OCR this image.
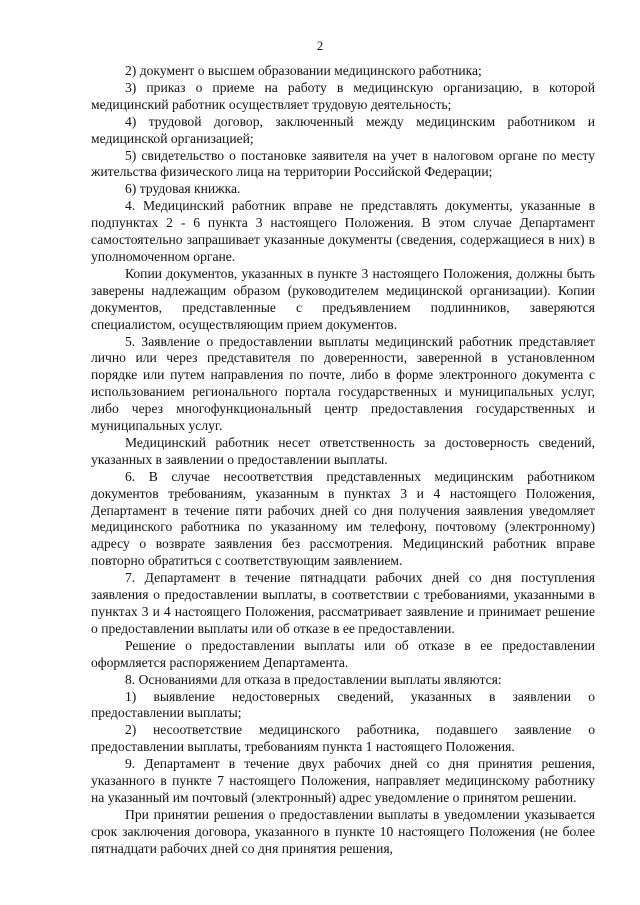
2

2) документ о высшем образовании медицинского работника;

3) приказ о приеме на работу в медицинскую организацию, в которой медицинский работник осуществляет трудовую деятельность;

4) трудовой договор, заключенный между медицинским работником и медицинской организацией;

5) свидетельство о постановке заявителя на учет в налоговом органе по месту жительства физического лица на территории Российской Федерации;

6) трудовая книжка.

4. Медицинский работник вправе не представлять документы, указанные в подпунктах 2 - 6 пункта 3 настоящего Положения. В этом случае Департамент самостоятельно запрашивает указанные документы (сведения, содержащиеся в них) в уполномоченном органе.

Копии документов, указанных в пункте 3 настоящего Положения, должны быть заверены надлежащим образом (руководителем медицинской организации). Копии документов, представленные с предъявлением подлинников, заверяются специалистом, осуществляющим прием документов.

5. Заявление о предоставлении выплаты медицинский работник представляет лично или через представителя по доверенности, заверенной в установленном порядке или путем направления по почте, либо в форме электронного документа с использованием регионального портала государственных и муниципальных услуг, либо через многофункциональный центр предоставления государственных и муниципальных услуг.

Медицинский работник несет ответственность за достоверность сведений, указанных в заявлении о предоставлении выплаты.

6. В случае несоответствия представленных медицинским работником документов требованиям, указанным в пунктах 3 и 4 настоящего Положения, Департамент в течение пяти рабочих дней со дня получения заявления уведомляет медицинского работника по указанному им телефону, почтовому (электронному) адресу о возврате заявления без рассмотрения. Медицинский работник вправе повторно обратиться с соответствующим заявлением.

7. Департамент в течение пятнадцати рабочих дней со дня поступления заявления о предоставлении выплаты, в соответствии с требованиями, указанными в пунктах 3 и 4 настоящего Положения, рассматривает заявление и принимает решение о предоставлении выплаты или об отказе в ее предоставлении.

Решение о предоставлении выплаты или об отказе в ее предоставлении оформляется распоряжением Департамента.

8. Основаниями для отказа в предоставлении выплаты являются:

1) выявление недостоверных сведений, указанных в заявлении о предоставлении выплаты;

2) несоответствие медицинского работника, подавшего заявление о предоставлении выплаты, требованиям пункта 1 настоящего Положения.

9. Департамент в течение двух рабочих дней со дня принятия решения, указанного в пункте 7 настоящего Положения, направляет медицинскому работнику на указанный им почтовый (электронный) адрес уведомление о принятом решении.

При принятии решения о предоставлении выплаты в уведомлении указывается срок заключения договора, указанного в пункте 10 настоящего Положения (не более пятнадцати рабочих дней со дня принятия решения,
